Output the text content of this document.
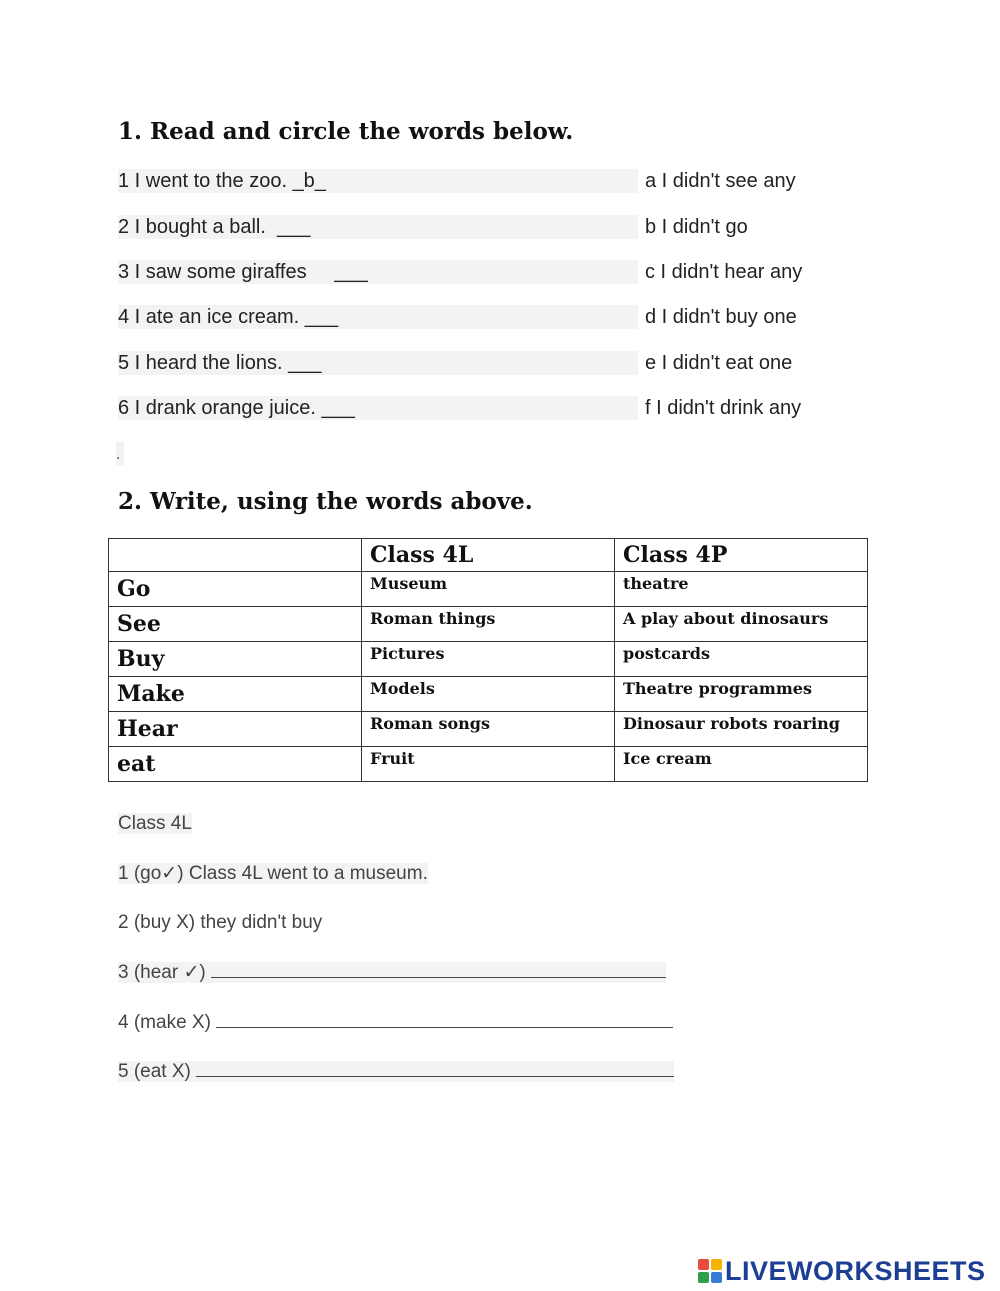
1. Read and circle the words below.
1 I went to the zoo. _b_	a I didn't see any
2 I bought a ball. ___	b I didn't go
3 I saw some giraffes ___	c I didn't hear any
4 I ate an ice cream. ___	d I didn't buy one
5 I heard the lions. ___	e I didn't eat one
6 I drank orange juice. ___	f I didn't drink any
.
2. Write, using the words above.
	Class 4L	Class 4P
Go	Museum	theatre
See	Roman things	A play about dinosaurs
Buy	Pictures	postcards
Make	Models	Theatre programmes
Hear	Roman songs	Dinosaur robots roaring
eat	Fruit	Ice cream
Class 4L
1 (go✓) Class 4L went to a museum.
2 (buy X) they didn't buy
3 (hear ✓)
4 (make X)
5 (eat X)
LIVEWORKSHEETS
